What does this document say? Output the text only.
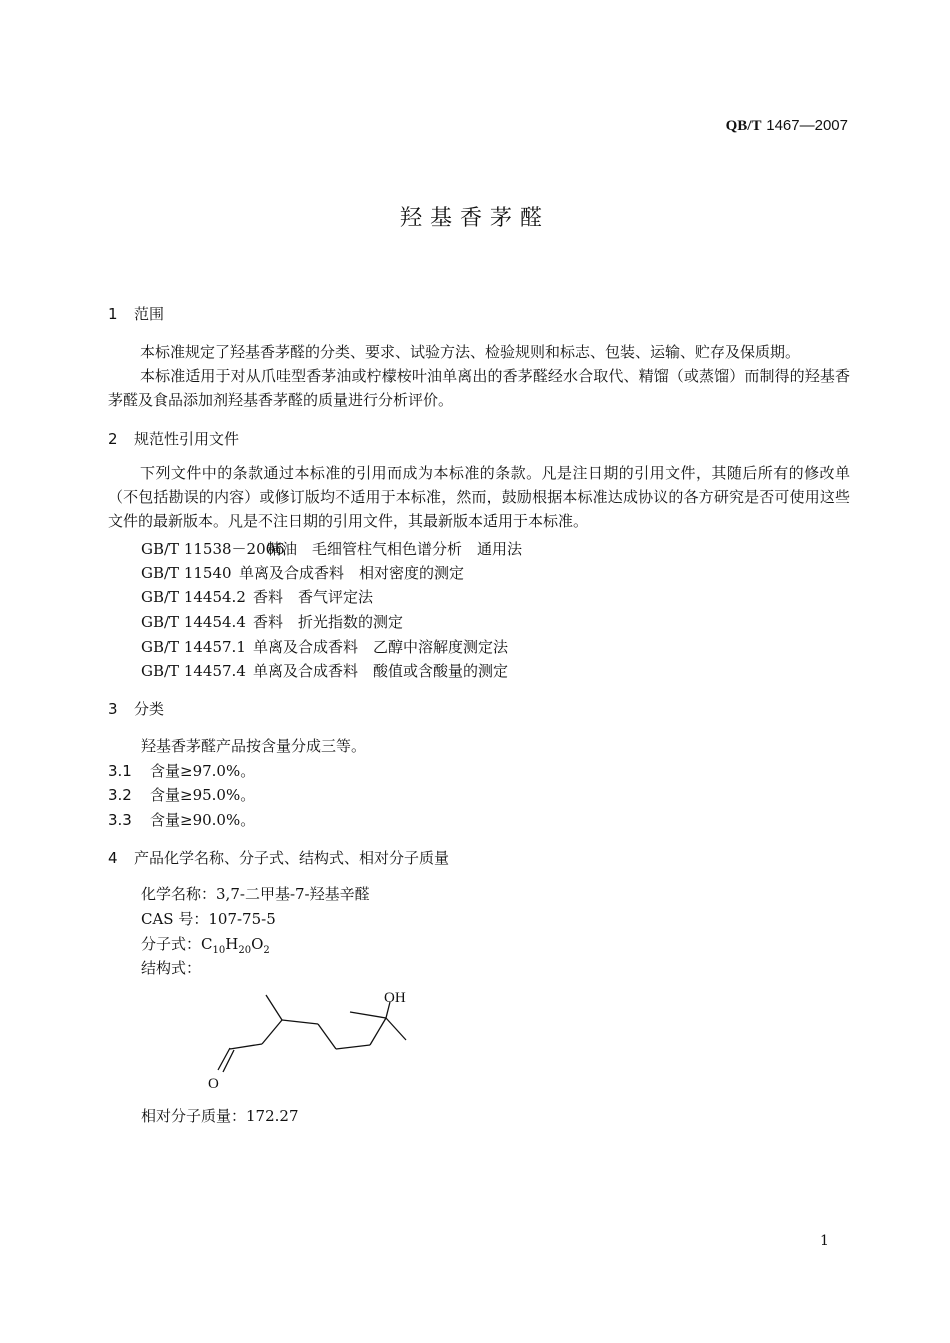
QB/T 1467—2007
羟基香茅醛
1 范围
本标准规定了羟基香茅醛的分类、要求、试验方法、检验规则和标志、包装、运输、贮存及保质期。
本标准适用于对从爪哇型香茅油或柠檬桉叶油单离出的香茅醛经水合取代、精馏（或蒸馏）而制得的羟基香茅醛及食品添加剂羟基香茅醛的质量进行分析评价。
2 规范性引用文件
下列文件中的条款通过本标准的引用而成为本标准的条款。凡是注日期的引用文件，其随后所有的修改单（不包括勘误的内容）或修订版均不适用于本标准，然而，鼓励根据本标准达成协议的各方研究是否可使用这些文件的最新版本。凡是不注日期的引用文件，其最新版本适用于本标准。
GB/T 11538－2006精油　毛细管柱气相色谱分析　通用法
GB/T 11540 单离及合成香料　相对密度的测定
GB/T 14454.2 香料　香气评定法
GB/T 14454.4 香料　折光指数的测定
GB/T 14457.1 单离及合成香料　乙醇中溶解度测定法
GB/T 14457.4 单离及合成香料　酸值或含酸量的测定
3 分类
羟基香茅醛产品按含量分成三等。
3.1 含量≥97.0%。
3.2 含量≥95.0%。
3.3 含量≥90.0%。
4 产品化学名称、分子式、结构式、相对分子质量
化学名称：3,7-二甲基-7-羟基辛醛
CAS 号：107-75-5
分子式：$C_{10}H_{20}O_2$
结构式：
OH
O
相对分子质量：172.27
1
